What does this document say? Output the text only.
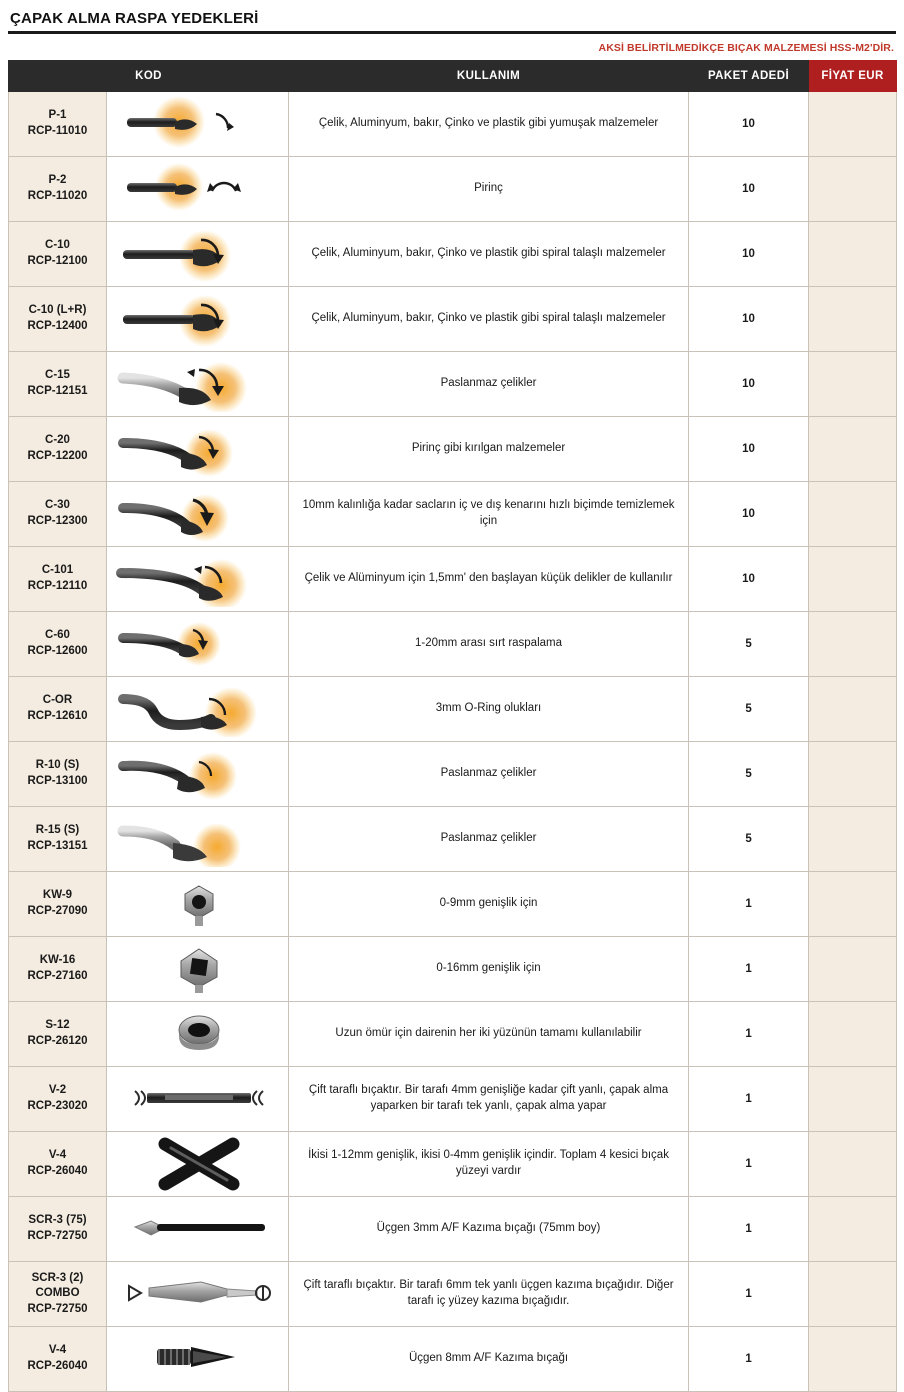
ÇAPAK ALMA RASPA YEDEKLERİ
AKSİ BELİRTİLMEDİKÇE BIÇAK MALZEMESİ HSS-M2'DİR.
KOD		KULLANIM	PAKET ADEDİ	FİYAT EUR

P-1
RCP-11010		Çelik, Aluminyum, bakır, Çinko ve plastik gibi yumuşak malzemeler	10	

P-2
RCP-11020		Pirinç	10	

C-10
RCP-12100		Çelik, Aluminyum, bakır, Çinko ve plastik gibi spiral talaşlı malzemeler	10	

C-10 (L+R)
RCP-12400		Çelik, Aluminyum, bakır, Çinko ve plastik gibi spiral talaşlı malzemeler	10	

C-15
RCP-12151		Paslanmaz çelikler	10	

C-20
RCP-12200		Pirinç gibi kırılgan malzemeler	10	

C-30
RCP-12300		10mm kalınlığa kadar sacların iç ve dış kenarını hızlı biçimde temizlemek için	10	

C-101
RCP-12110		Çelik ve Alüminyum için 1,5mm' den başlayan küçük delikler de kullanılır	10	

C-60
RCP-12600		1-20mm arası sırt raspalama	5	

C-OR
RCP-12610		3mm O-Ring olukları	5	

R-10 (S)
RCP-13100		Paslanmaz çelikler	5	

R-15 (S)
RCP-13151		Paslanmaz çelikler	5	

KW-9
RCP-27090		0-9mm genişlik için	1	

KW-16
RCP-27160		0-16mm genişlik için	1	

S-12
RCP-26120		Uzun ömür için dairenin her iki yüzünün tamamı kullanılabilir	1	

V-2
RCP-23020		Çift taraflı bıçaktır. Bir tarafı 4mm genişliğe kadar çift yanlı, çapak alma yaparken bir tarafı tek yanlı, çapak alma yapar	1	

V-4
RCP-26040		İkisi 1-12mm genişlik, ikisi 0-4mm genişlik içindir. Toplam 4 kesici bıçak yüzeyi vardır	1	

SCR-3 (75)
RCP-72750		Üçgen 3mm A/F Kazıma bıçağı (75mm boy)	1	

SCR-3 (2) COMBO
RCP-72750		Çift taraflı bıçaktır. Bir tarafı 6mm tek yanlı üçgen kazıma bıçağıdır. Diğer tarafı iç yüzey kazıma bıçağıdır.	1	

V-4
RCP-26040		Üçgen 8mm A/F Kazıma bıçağı	1	
